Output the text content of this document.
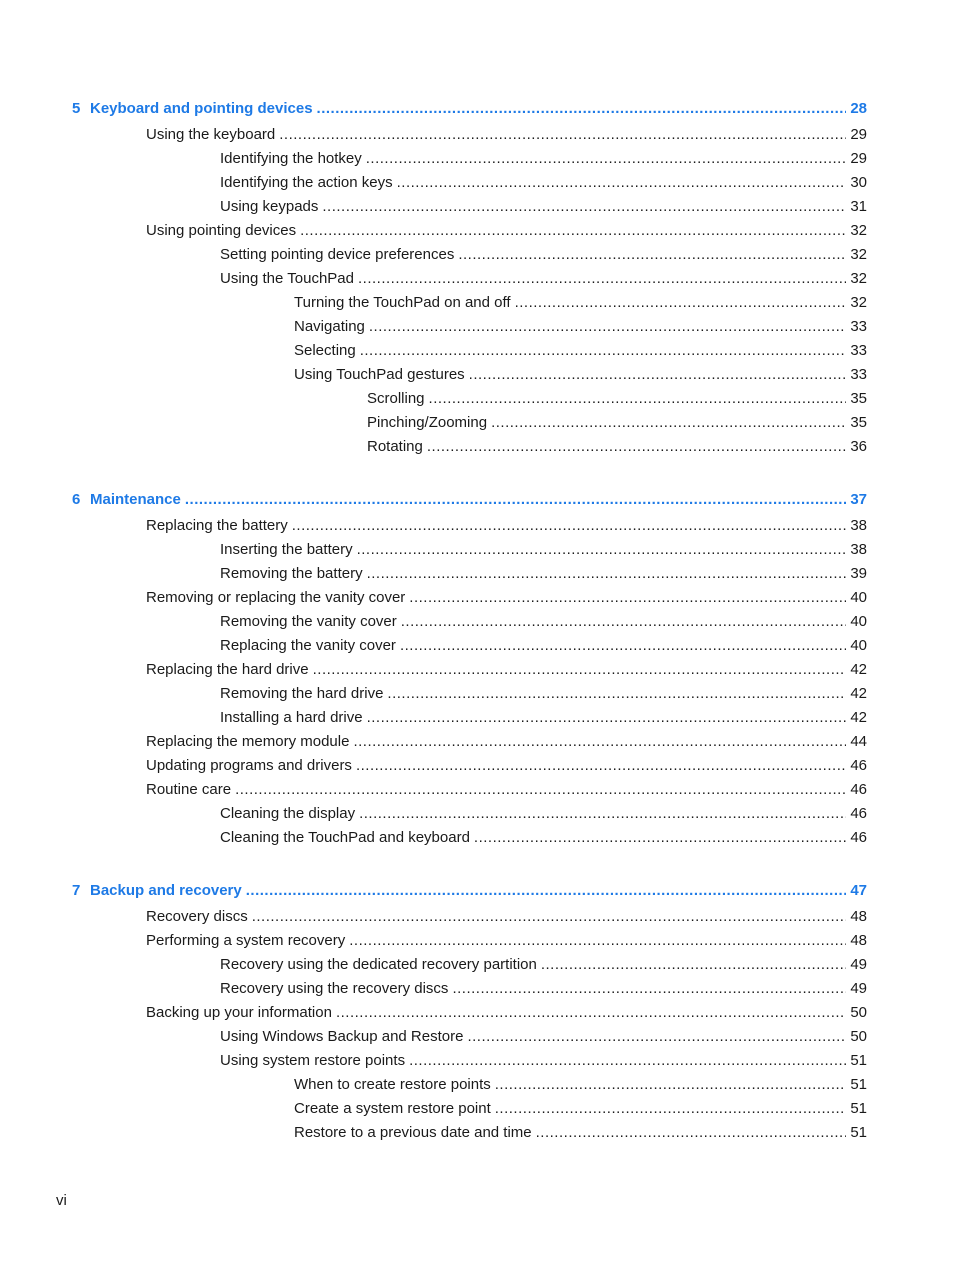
5 Keyboard and pointing devices .....	28
Using the keyboard .....	29
Identifying the hotkey .....	29
Identifying the action keys .....	30
Using keypads .....	31
Using pointing devices .....	32
Setting pointing device preferences .....	32
Using the TouchPad .....	32
Turning the TouchPad on and off .....	32
Navigating .....	33
Selecting .....	33
Using TouchPad gestures .....	33
Scrolling .....	35
Pinching/Zooming .....	35
Rotating .....	36
6 Maintenance .....	37
Replacing the battery .....	38
Inserting the battery .....	38
Removing the battery .....	39
Removing or replacing the vanity cover .....	40
Removing the vanity cover .....	40
Replacing the vanity cover .....	40
Replacing the hard drive .....	42
Removing the hard drive .....	42
Installing a hard drive .....	42
Replacing the memory module .....	44
Updating programs and drivers .....	46
Routine care .....	46
Cleaning the display .....	46
Cleaning the TouchPad and keyboard .....	46
7 Backup and recovery .....	47
Recovery discs .....	48
Performing a system recovery .....	48
Recovery using the dedicated recovery partition .....	49
Recovery using the recovery discs .....	49
Backing up your information .....	50
Using Windows Backup and Restore .....	50
Using system restore points .....	51
When to create restore points .....	51
Create a system restore point .....	51
Restore to a previous date and time .....	51
vi
